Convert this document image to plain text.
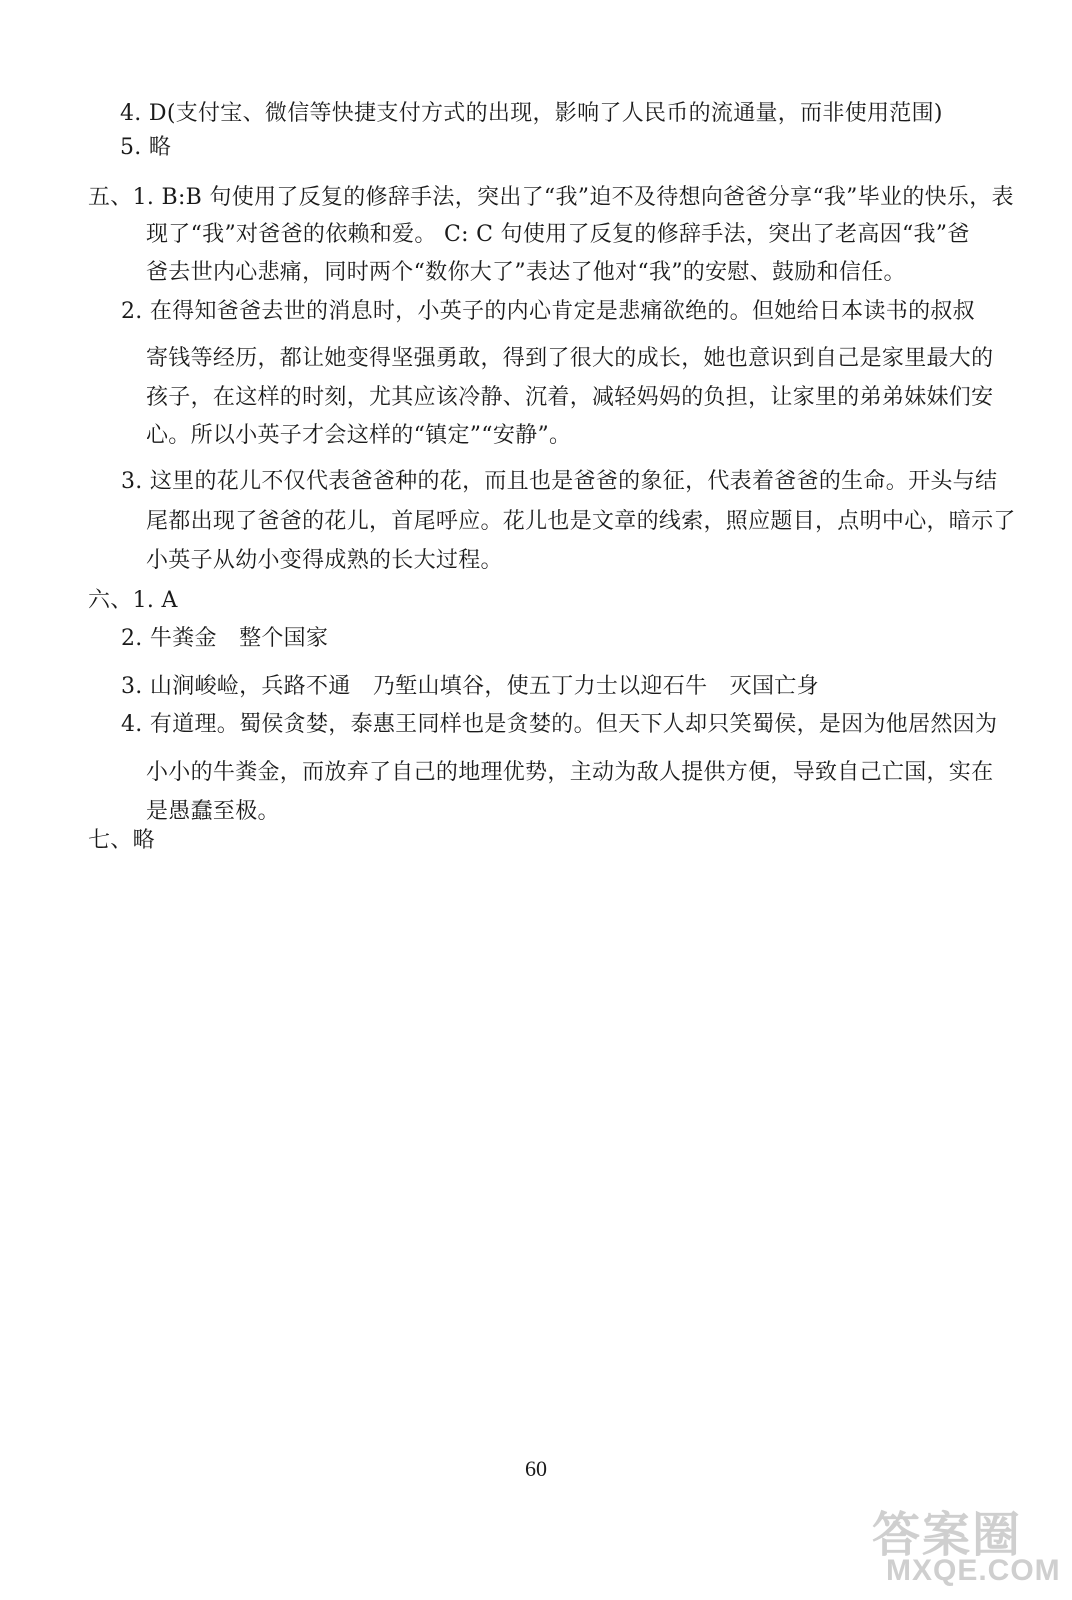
4. D(支付宝、微信等快捷支付方式的出现，影响了人民币的流通量，而非使用范围)
5. 略
五、1. B:B 句使用了反复的修辞手法，突出了“我”迫不及待想向爸爸分享“我”毕业的快乐，表
现了“我”对爸爸的依赖和爱。 C: C 句使用了反复的修辞手法，突出了老高因“我”爸
爸去世内心悲痛，同时两个“数你大了”表达了他对“我”的安慰、鼓励和信任。
2. 在得知爸爸去世的消息时，小英子的内心肯定是悲痛欲绝的。但她给日本读书的叔叔
寄钱等经历，都让她变得坚强勇敢，得到了很大的成长，她也意识到自己是家里最大的
孩子，在这样的时刻，尤其应该冷静、沉着，减轻妈妈的负担，让家里的弟弟妹妹们安
心。所以小英子才会这样的“镇定”“安静”。
3. 这里的花儿不仅代表爸爸种的花，而且也是爸爸的象征，代表着爸爸的生命。开头与结
尾都出现了爸爸的花儿，首尾呼应。花儿也是文章的线索，照应题目，点明中心，暗示了
小英子从幼小变得成熟的长大过程。
六、1. A
2. 牛粪金　整个国家
3. 山涧峻崄，兵路不通　乃堑山填谷，使五丁力士以迎石牛　灭国亡身
4. 有道理。蜀侯贪婪，泰惠王同样也是贪婪的。但天下人却只笑蜀侯，是因为他居然因为
小小的牛粪金，而放弃了自己的地理优势，主动为敌人提供方便，导致自己亡国，实在
是愚蠢至极。
七、略
60
答案圈
MXQE.COM
